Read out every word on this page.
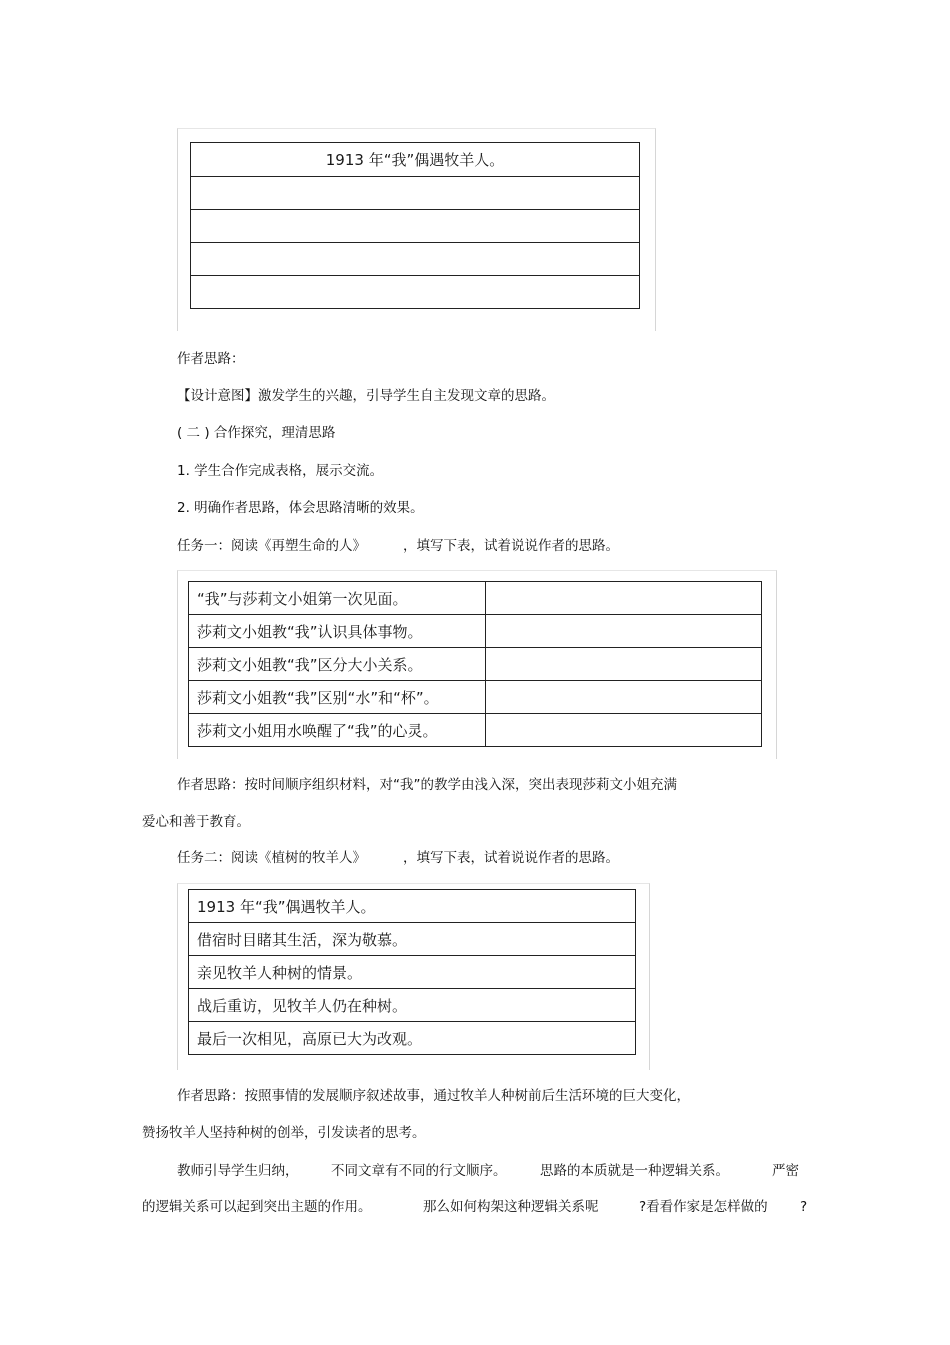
1913 年“我”偶遇牧羊人。

作者思路：
【设计意图】激发学生的兴趣，引导学生自主发现文章的思路。
( 二 ) 合作探究，理清思路
1. 学生合作完成表格，展示交流。
2. 明确作者思路，体会思路清晰的效果。
任务一：阅读《再塑生命的人》	，填写下表，试着说说作者的思路。
“我”与莎莉文小姐第一次见面。	
莎莉文小姐教“我”认识具体事物。	
莎莉文小姐教“我”区分大小关系。	
莎莉文小姐教“我”区别“水”和“杯”。	
莎莉文小姐用水唤醒了“我”的心灵。	
作者思路：按时间顺序组织材料，对“我”的教学由浅入深，突出表现莎莉文小姐充满
爱心和善于教育。
任务二：阅读《植树的牧羊人》	，填写下表，试着说说作者的思路。
1913 年“我”偶遇牧羊人。
借宿时目睹其生活，深为敬慕。
亲见牧羊人种树的情景。
战后重访，见牧羊人仍在种树。
最后一次相见，高原已大为改观。
作者思路：按照事情的发展顺序叙述故事，通过牧羊人种树前后生活环境的巨大变化，
赞扬牧羊人坚持种树的创举，引发读者的思考。
教师引导学生归纳， 不同文章有不同的行文顺序。 思路的本质就是一种逻辑关系。	严密
的逻辑关系可以起到突出主题的作用。	那么如何构架这种逻辑关系呢	?看看作家是怎样做的 ?
